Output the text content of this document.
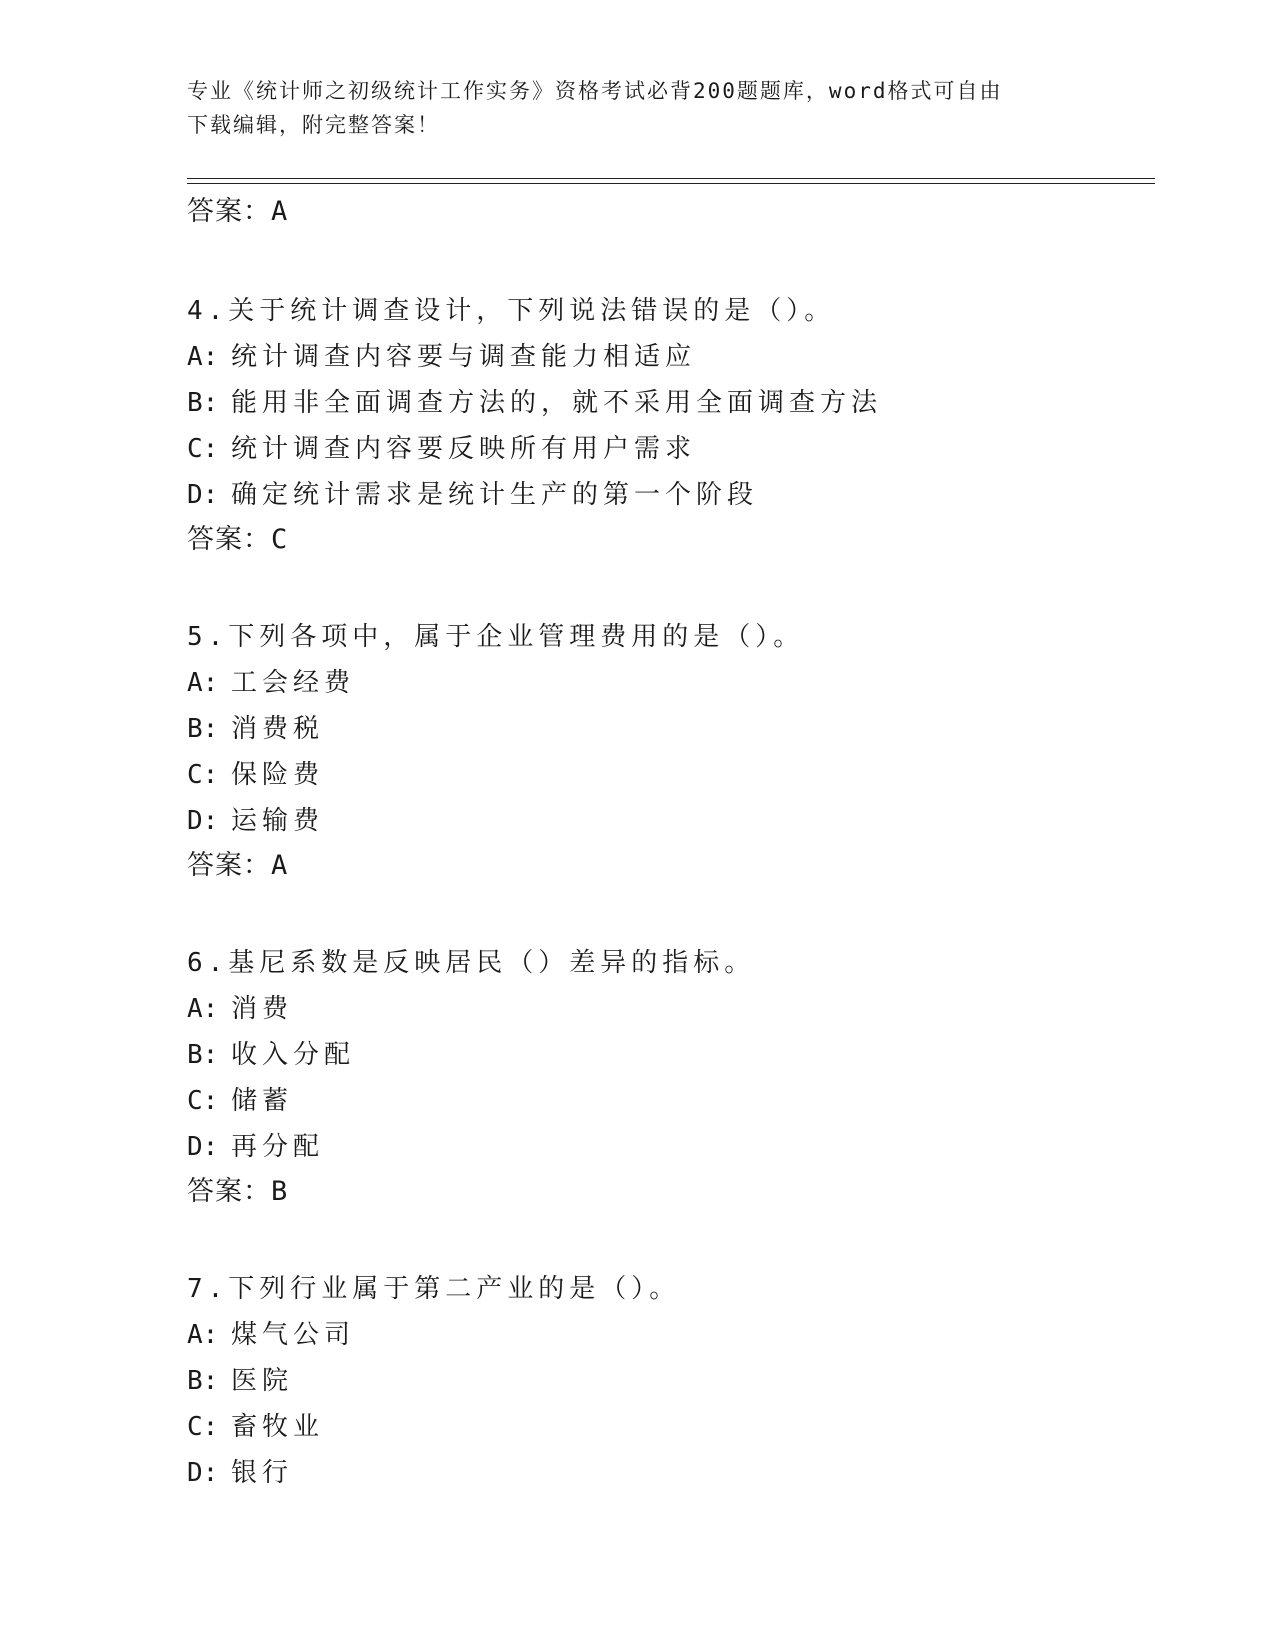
专业《统计师之初级统计工作实务》资格考试必背200题题库，word格式可自由
下载编辑，附完整答案！
答案：A
4.关于统计调查设计，下列说法错误的是（）。
A: 统计调查内容要与调查能力相适应
B: 能用非全面调查方法的，就不采用全面调查方法
C: 统计调查内容要反映所有用户需求
D: 确定统计需求是统计生产的第一个阶段
答案：C
5.下列各项中，属于企业管理费用的是（）。
A: 工会经费
B: 消费税
C: 保险费
D: 运输费
答案：A
6.基尼系数是反映居民（）差异的指标。
A: 消费
B: 收入分配
C: 储蓄
D: 再分配
答案：B
7.下列行业属于第二产业的是（）。
A: 煤气公司
B: 医院
C: 畜牧业
D: 银行
